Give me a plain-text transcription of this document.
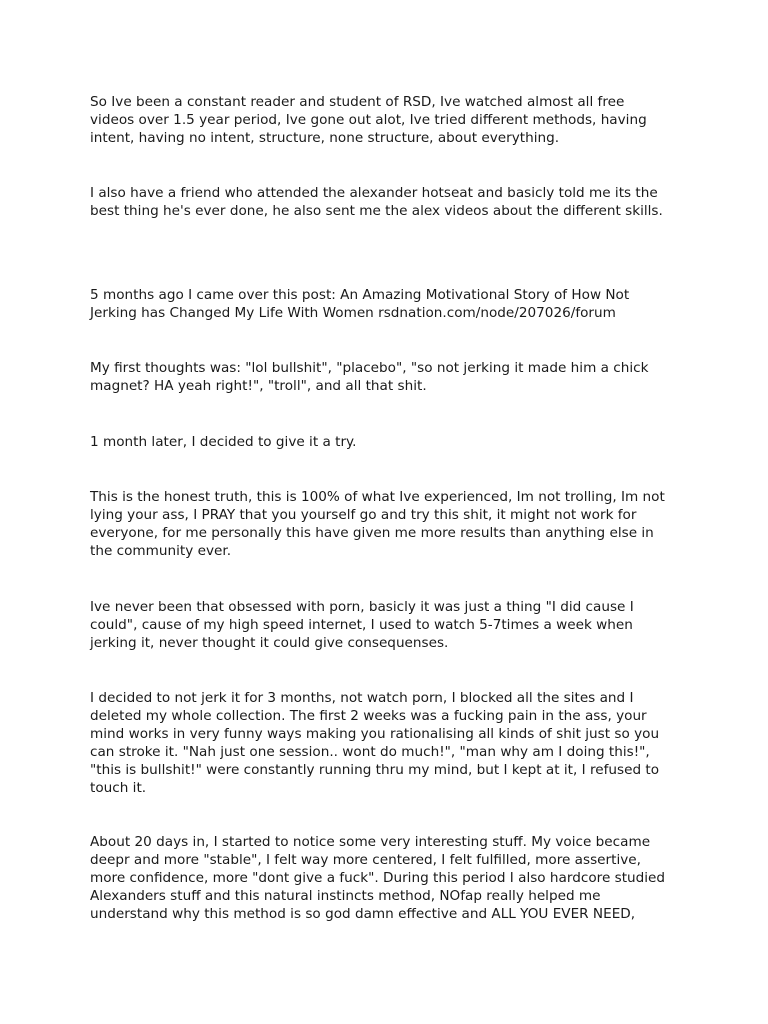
So Ive been a constant reader and student of RSD, Ive watched almost all free
videos over 1.5 year period, Ive gone out alot, Ive tried different methods, having
intent, having no intent, structure, none structure, about everything.

I also have a friend who attended the alexander hotseat and basicly told me its the
best thing he's ever done, he also sent me the alex videos about the different skills.

5 months ago I came over this post: An Amazing Motivational Story of How Not
Jerking has Changed My Life With Women rsdnation.com/node/207026/forum

My first thoughts was: "lol bullshit", "placebo", "so not jerking it made him a chick
magnet? HA yeah right!", "troll", and all that shit.

1 month later, I decided to give it a try.

This is the honest truth, this is 100% of what Ive experienced, Im not trolling, Im not
lying your ass, I PRAY that you yourself go and try this shit, it might not work for
everyone, for me personally this have given me more results than anything else in
the community ever.

Ive never been that obsessed with porn, basicly it was just a thing "I did cause I
could", cause of my high speed internet, I used to watch 5-7times a week when
jerking it, never thought it could give consequenses.

I decided to not jerk it for 3 months, not watch porn, I blocked all the sites and I
deleted my whole collection. The first 2 weeks was a fucking pain in the ass, your
mind works in very funny ways making you rationalising all kinds of shit just so you
can stroke it. "Nah just one session.. wont do much!", "man why am I doing this!",
"this is bullshit!" were constantly running thru my mind, but I kept at it, I refused to
touch it.

About 20 days in, I started to notice some very interesting stuff. My voice became
deepr and more "stable", I felt way more centered, I felt fulfilled, more assertive,
more confidence, more "dont give a fuck". During this period I also hardcore studied
Alexanders stuff and this natural instincts method, NOfap really helped me
understand why this method is so god damn effective and ALL YOU EVER NEED,
